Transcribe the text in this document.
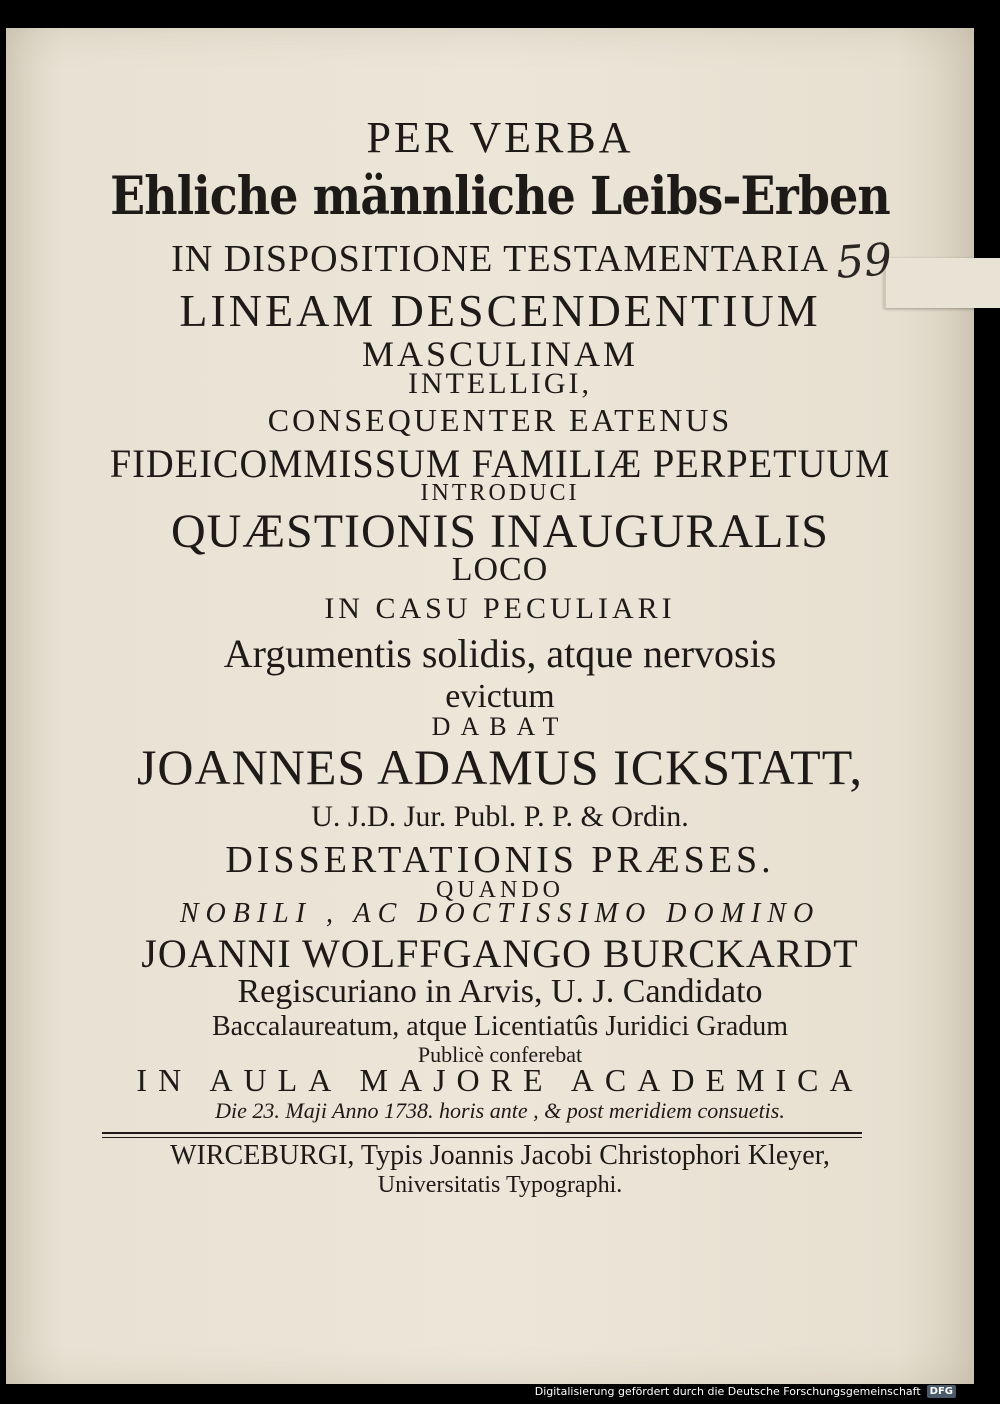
59

PER VERBA

Ehliche männliche Leibs-Erben

IN DISPOSITIONE TESTAMENTARIA

LINEAM DESCENDENTIUM

MASCULINAM

INTELLIGI,

CONSEQUENTER EATENUS

FIDEICOMMISSUM FAMILIÆ PERPETUUM

INTRODUCI

QUÆSTIONIS INAUGURALIS

LOCO

IN CASU PECULIARI

Argumentis solidis, atque nervosis

evictum

DABAT

JOANNES ADAMUS ICKSTATT,

U. J.D. Jur. Publ. P. P. & Ordin.

DISSERTATIONIS PRÆSES.

QUANDO

NOBILI , AC DOCTISSIMO DOMINO

JOANNI WOLFFGANGO BURCKARDT

Regiscuriano in Arvis, U. J. Candidato

Baccalaureatum, atque Licentiatûs Juridici Gradum

Publicè conferebat

IN AULA MAJORE ACADEMICA

Die 23. Maji Anno 1738. horis ante , & post meridiem consuetis.

WIRCEBURGI, Typis Joannis Jacobi Christophori Kleyer,

Universitatis Typographi.

Digitalisierung gefördert durch die Deutsche Forschungsgemeinschaft DFG
